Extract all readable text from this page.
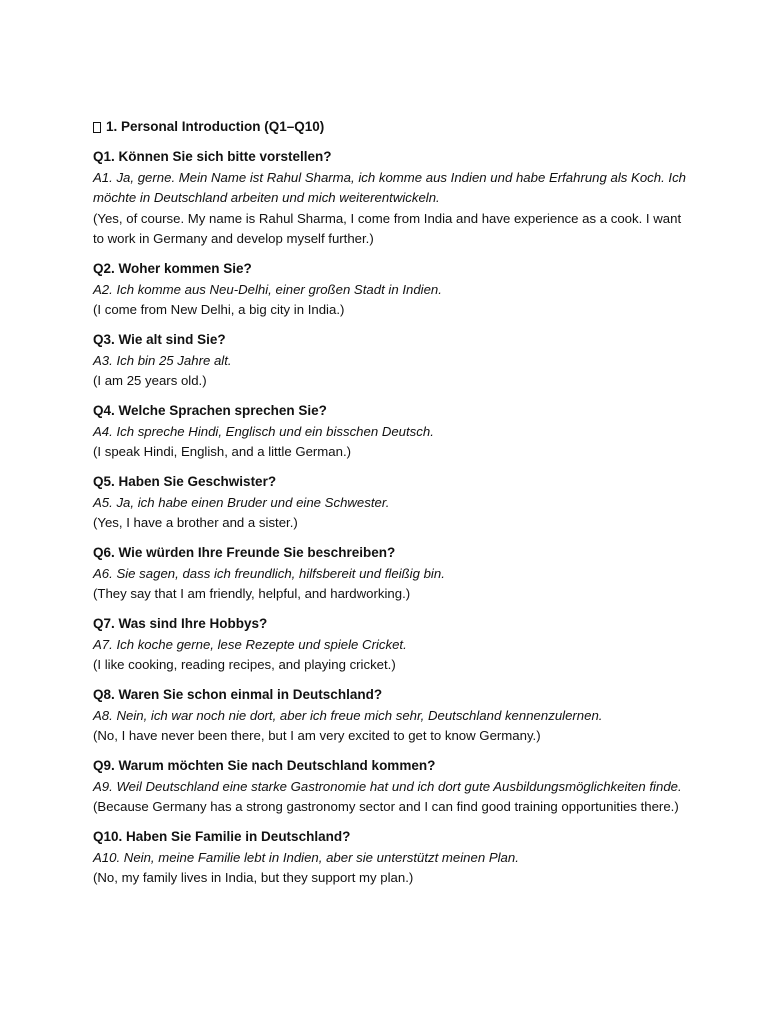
1. Personal Introduction (Q1–Q10)
Q1. Können Sie sich bitte vorstellen?
A1. Ja, gerne. Mein Name ist Rahul Sharma, ich komme aus Indien und habe Erfahrung als Koch. Ich möchte in Deutschland arbeiten und mich weiterentwickeln.
(Yes, of course. My name is Rahul Sharma, I come from India and have experience as a cook. I want to work in Germany and develop myself further.)
Q2. Woher kommen Sie?
A2. Ich komme aus Neu-Delhi, einer großen Stadt in Indien.
(I come from New Delhi, a big city in India.)
Q3. Wie alt sind Sie?
A3. Ich bin 25 Jahre alt.
(I am 25 years old.)
Q4. Welche Sprachen sprechen Sie?
A4. Ich spreche Hindi, Englisch und ein bisschen Deutsch.
(I speak Hindi, English, and a little German.)
Q5. Haben Sie Geschwister?
A5. Ja, ich habe einen Bruder und eine Schwester.
(Yes, I have a brother and a sister.)
Q6. Wie würden Ihre Freunde Sie beschreiben?
A6. Sie sagen, dass ich freundlich, hilfsbereit und fleißig bin.
(They say that I am friendly, helpful, and hardworking.)
Q7. Was sind Ihre Hobbys?
A7. Ich koche gerne, lese Rezepte und spiele Cricket.
(I like cooking, reading recipes, and playing cricket.)
Q8. Waren Sie schon einmal in Deutschland?
A8. Nein, ich war noch nie dort, aber ich freue mich sehr, Deutschland kennenzulernen.
(No, I have never been there, but I am very excited to get to know Germany.)
Q9. Warum möchten Sie nach Deutschland kommen?
A9. Weil Deutschland eine starke Gastronomie hat und ich dort gute Ausbildungsmöglichkeiten finde.
(Because Germany has a strong gastronomy sector and I can find good training opportunities there.)
Q10. Haben Sie Familie in Deutschland?
A10. Nein, meine Familie lebt in Indien, aber sie unterstützt meinen Plan.
(No, my family lives in India, but they support my plan.)
